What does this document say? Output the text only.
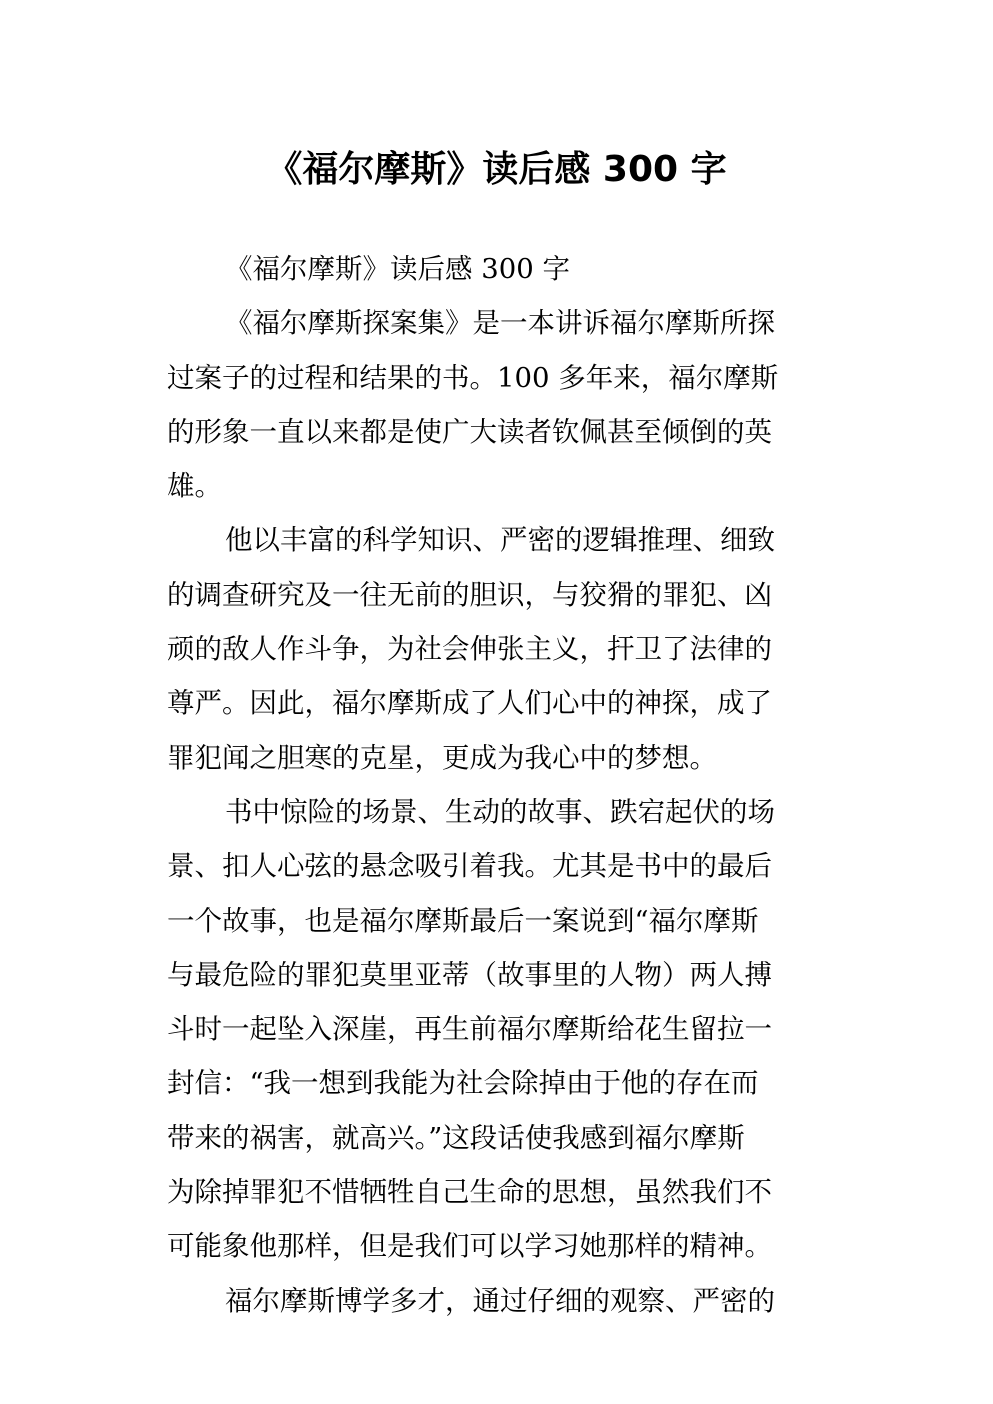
《福尔摩斯》读后感 300 字
《福尔摩斯》读后感 300 字
《福尔摩斯探案集》是一本讲诉福尔摩斯所探
过案子的过程和结果的书。100 多年来，福尔摩斯
的形象一直以来都是使广大读者钦佩甚至倾倒的英
雄。
他以丰富的科学知识、严密的逻辑推理、细致
的调查研究及一往无前的胆识，与狡猾的罪犯、凶
顽的敌人作斗争，为社会伸张主义，扞卫了法律的
尊严。因此，福尔摩斯成了人们心中的神探，成了
罪犯闻之胆寒的克星，更成为我心中的梦想。
书中惊险的场景、生动的故事、跌宕起伏的场
景、扣人心弦的悬念吸引着我。尤其是书中的最后
一个故事，也是福尔摩斯最后一案说到“福尔摩斯
与最危险的罪犯莫里亚蒂（故事里的人物）两人搏
斗时一起坠入深崖，再生前福尔摩斯给花生留拉一
封信：“我一想到我能为社会除掉由于他的存在而
带来的祸害，就高兴。”这段话使我感到福尔摩斯
为除掉罪犯不惜牺牲自己生命的思想，虽然我们不
可能象他那样，但是我们可以学习她那样的精神。
福尔摩斯博学多才，通过仔细的观察、严密的
